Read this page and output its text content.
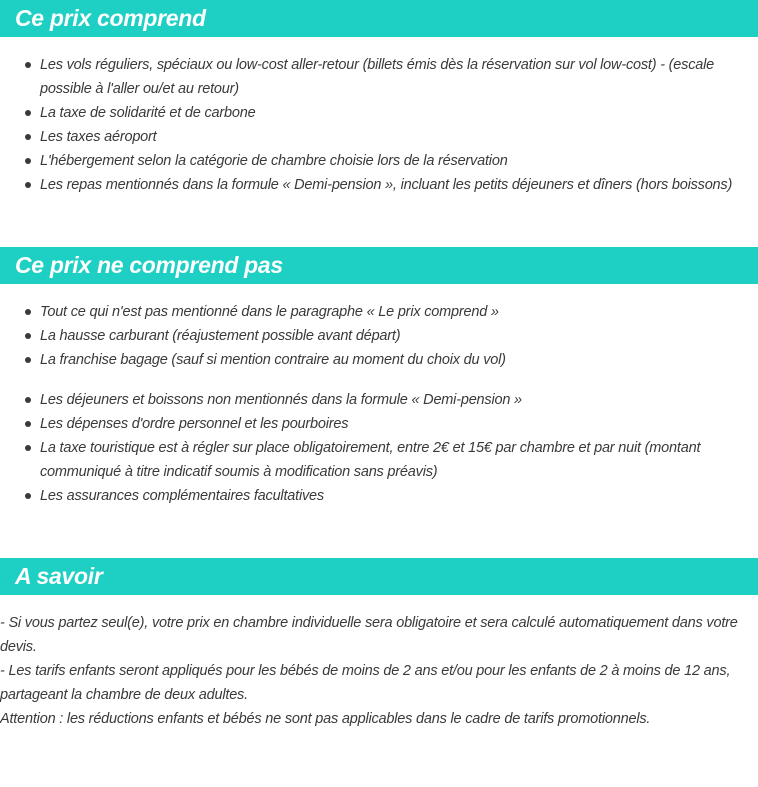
Ce prix comprend
Les vols réguliers, spéciaux ou low-cost aller-retour (billets émis dès la réservation sur vol low-cost) - (escale possible à l'aller ou/et au retour)
La taxe de solidarité et de carbone
Les taxes aéroport
L'hébergement selon la catégorie de chambre choisie lors de la réservation
Les repas mentionnés dans la formule « Demi-pension », incluant les petits déjeuners et dîners (hors boissons)
Ce prix ne comprend pas
Tout ce qui n'est pas mentionné dans le paragraphe « Le prix comprend »
La hausse carburant (réajustement possible avant départ)
La franchise bagage (sauf si mention contraire au moment du choix du vol)
Les déjeuners et boissons non mentionnés dans la formule « Demi-pension »
Les dépenses d'ordre personnel et les pourboires
La taxe touristique est à régler sur place obligatoirement, entre 2€ et 15€ par chambre et par nuit (montant communiqué à titre indicatif soumis à modification sans préavis)
Les assurances complémentaires facultatives
A savoir
- Si vous partez seul(e), votre prix en chambre individuelle sera obligatoire et sera calculé automatiquement dans votre devis.
- Les tarifs enfants seront appliqués pour les bébés de moins de 2 ans et/ou pour les enfants de 2 à moins de 12 ans, partageant la chambre de deux adultes.
Attention : les réductions enfants et bébés ne sont pas applicables dans le cadre de tarifs promotionnels.
